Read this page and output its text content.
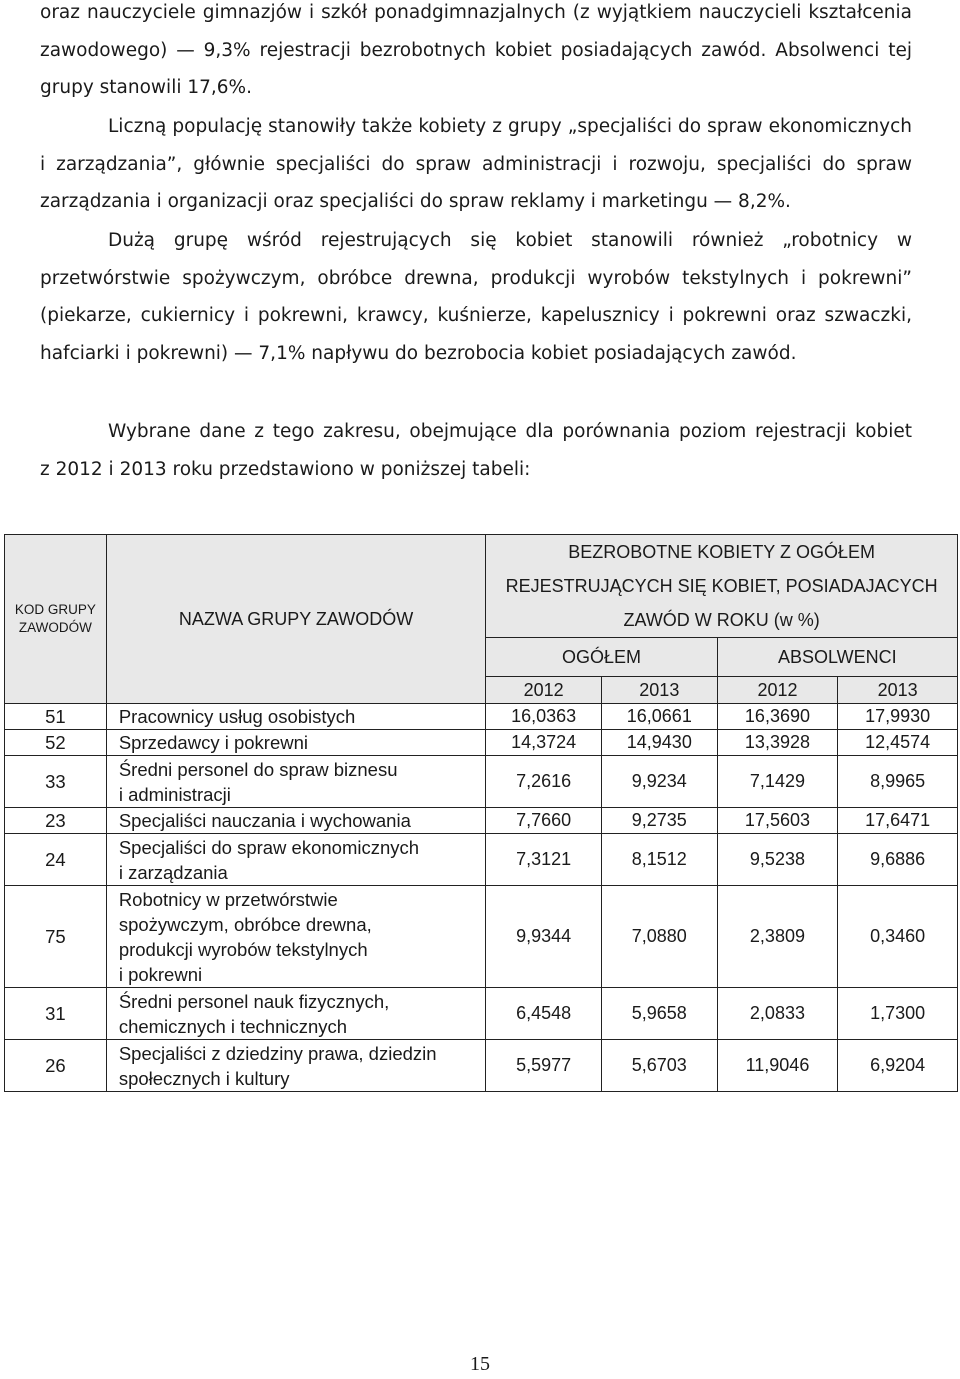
oraz nauczyciele gimnazjów i szkół ponadgimnazjalnych (z wyjątkiem nauczycieli kształcenia
zawodowego) — 9,3% rejestracji bezrobotnych kobiet posiadających zawód. Absolwenci tej
grupy stanowili 17,6%.

Liczną populację stanowiły także kobiety z grupy „specjaliści do spraw ekonomicznych
i zarządzania”, głównie specjaliści do spraw administracji i rozwoju, specjaliści do spraw
zarządzania i organizacji oraz specjaliści do spraw reklamy i marketingu — 8,2%.

Dużą grupę wśród rejestrujących się kobiet stanowili również „robotnicy w
przetwórstwie spożywczym, obróbce drewna, produkcji wyrobów tekstylnych i pokrewni”
(piekarze, cukiernicy i pokrewni, krawcy, kuśnierze, kapelusznicy i pokrewni oraz szwaczki,
hafciarki i pokrewni) — 7,1% napływu do bezrobocia kobiet posiadających zawód.

Wybrane dane z tego zakresu, obejmujące dla porównania poziom rejestracji kobiet
z 2012 i 2013 roku przedstawiono w poniższej tabeli:

KOD GRUPY ZAWODÓW	NAZWA GRUPY ZAWODÓW	BEZROBOTNE KOBIETY Z OGÓŁEM
REJESTRUJĄCYCH SIĘ KOBIET, POSIADAJACYCH
ZAWÓD W ROKU (w %)			

		OGÓŁEM		ABSOLWENCI	
		2012	2013	2012	2013
51	Pracownicy usług osobistych	16,0363	16,0661	16,3690	17,9930
52	Sprzedawcy i pokrewni	14,3724	14,9430	13,3928	12,4574
33	Średni personel do spraw biznesu
i administracji	7,2616	9,9234	7,1429	8,9965
23	Specjaliści nauczania i wychowania	7,7660	9,2735	17,5603	17,6471
24	Specjaliści do spraw ekonomicznych
i zarządzania	7,3121	8,1512	9,5238	9,6886
75	Robotnicy w przetwórstwie
spożywczym, obróbce drewna,
produkcji wyrobów tekstylnych
i pokrewni	9,9344	7,0880	2,3809	0,3460
31	Średni personel nauk fizycznych,
chemicznych i technicznych	6,4548	5,9658	2,0833	1,7300
26	Specjaliści z dziedziny prawa, dziedzin
społecznych i kultury	5,5977	5,6703	11,9046	6,9204
15
